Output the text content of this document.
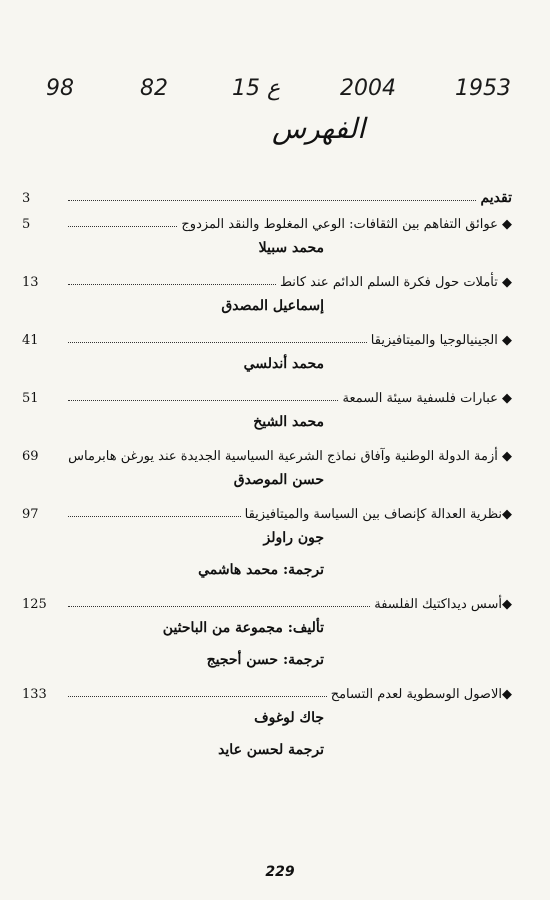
1953
2004
ع 15
82
98
الفهرس
تقديم
3
◆ عوائق التفاهم بين الثقافات: الوعي المغلوط والنقد المزدوج
5
محمد سبيلا
◆ تأملات حول فكرة السلم الدائم عند كانط
13
إسماعيل المصدق
◆ الجينيالوجيا والميتافيزيقا
41
محمد أندلسي
◆ عبارات فلسفية سيئة السمعة
51
محمد الشيخ
◆ أزمة الدولة الوطنية وآفاق نماذج الشرعية السياسية الجديدة عند يورغن هابرماس
69
حسن الموصدق
◆نظرية العدالة كإنصاف بين السياسة والميتافيزيقا
97
جون راولز
ترجمة: محمد هاشمي
◆أسس ديداكتيك الفلسفة
125
تأليف: مجموعة من الباحثين
ترجمة: حسن أحجيج
◆الاصول الوسطوية لعدم التسامح
133
جاك لوغوف
ترجمة لحسن عايد
229
